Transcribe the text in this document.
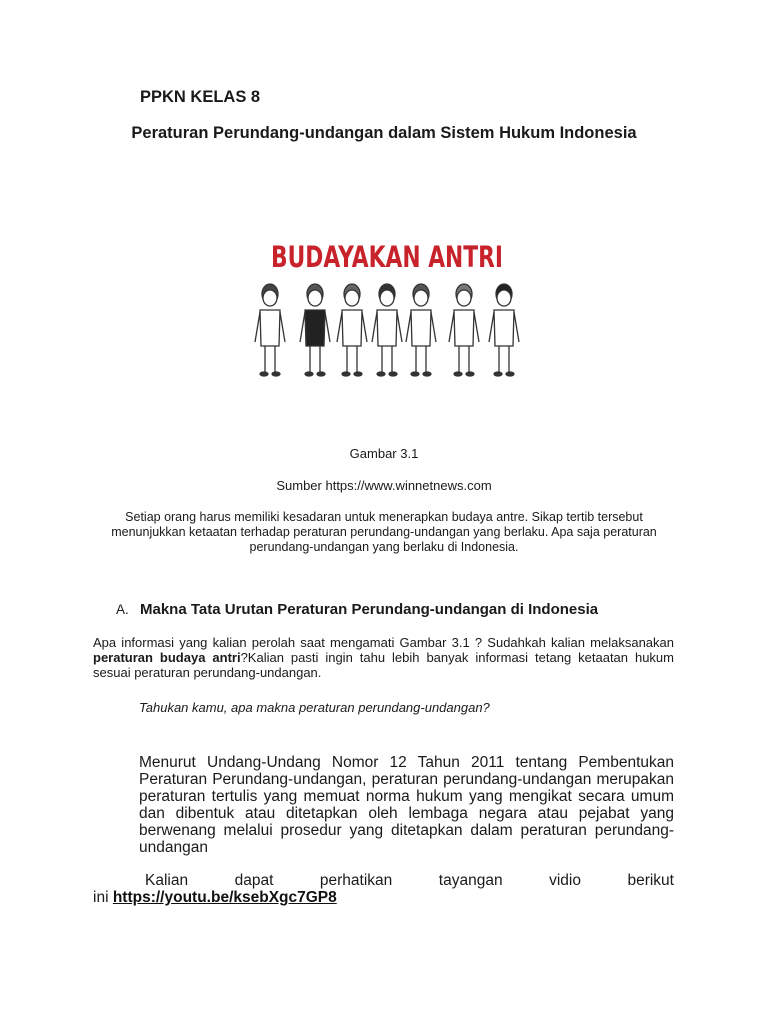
PPKN KELAS 8
Peraturan Perundang-undangan dalam Sistem Hukum Indonesia
BUDAYAKAN ANTRI
Gambar 3.1
Sumber https://www.winnetnews.com
Setiap orang harus memiliki kesadaran untuk menerapkan budaya antre. Sikap tertib tersebut menunjukkan ketaatan terhadap peraturan perundang-undangan yang berlaku. Apa saja peraturan perundang-undangan yang berlaku di Indonesia.
A. Makna Tata Urutan Peraturan Perundang-undangan di Indonesia
Apa informasi yang kalian perolah saat mengamati Gambar 3.1 ? Sudahkah kalian melaksanakan peraturan budaya antri?Kalian pasti ingin tahu lebih banyak informasi tetang ketaatan hukum sesuai peraturan perundang-undangan.
Tahukan kamu, apa makna peraturan perundang-undangan?
Menurut Undang-Undang Nomor 12 Tahun 2011 tentang Pembentukan Peraturan Perundang-undangan, peraturan perundang-undangan merupakan peraturan tertulis yang memuat norma hukum yang mengikat secara umum dan dibentuk atau ditetapkan oleh lembaga negara atau pejabat yang berwenang melalui prosedur yang ditetapkan dalam peraturan perundang-undangan
Kalian	dapat	perhatikan	tayangan	vidio	berikut
ini https://youtu.be/ksebXgc7GP8
